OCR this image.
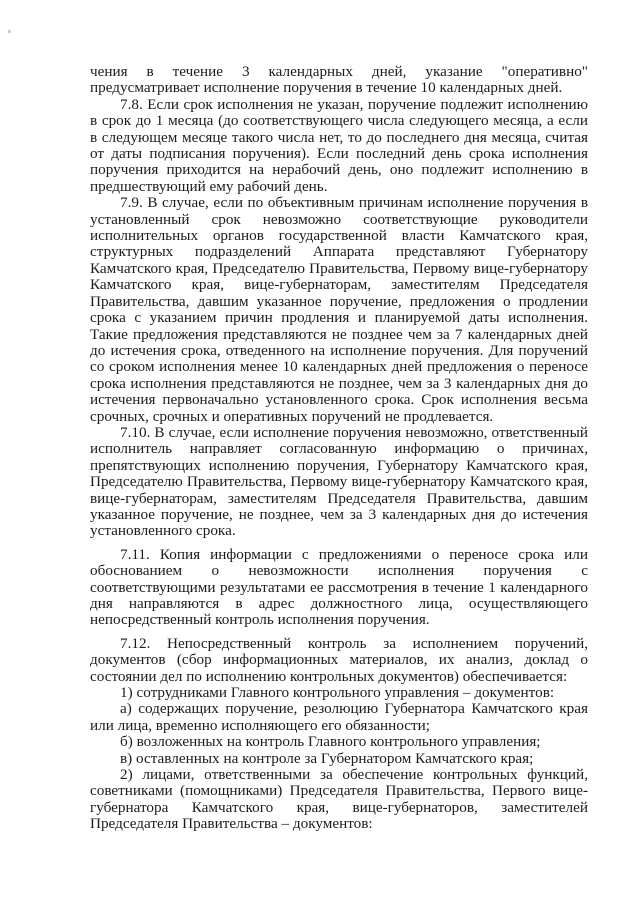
чения в течение 3 календарных дней, указание "оперативно" предусматривает исполнение поручения в течение 10 календарных дней.

7.8. Если срок исполнения не указан, поручение подлежит исполнению в срок до 1 месяца (до соответствующего числа следующего месяца, а если в следующем месяце такого числа нет, то до последнего дня месяца, считая от даты подписания поручения). Если последний день срока исполнения поручения приходится на нерабочий день, оно подлежит исполнению в предшествующий ему рабочий день.

7.9. В случае, если по объективным причинам исполнение поручения в установленный срок невозможно соответствующие руководители исполнительных органов государственной власти Камчатского края, структурных подразделений Аппарата представляют Губернатору Камчатского края, Председателю Правительства, Первому вице-губернатору Камчатского края, вице-губернаторам, заместителям Председателя Правительства, давшим указанное поручение, предложения о продлении срока с указанием причин продления и планируемой даты исполнения. Такие предложения представляются не позднее чем за 7 календарных дней до истечения срока, отведенного на исполнение поручения. Для поручений со сроком исполнения менее 10 календарных дней предложения о переносе срока исполнения представляются не позднее, чем за 3 календарных дня до истечения первоначально установленного срока. Срок исполнения весьма срочных, срочных и оперативных поручений не продлевается.

7.10. В случае, если исполнение поручения невозможно, ответственный исполнитель направляет согласованную информацию о причинах, препятствующих исполнению поручения, Губернатору Камчатского края, Председателю Правительства, Первому вице-губернатору Камчатского края, вице-губернаторам, заместителям Председателя Правительства, давшим указанное поручение, не позднее, чем за 3 календарных дня до истечения установленного срока.

7.11. Копия информации с предложениями о переносе срока или обоснованием о невозможности исполнения поручения с соответствующими результатами ее рассмотрения в течение 1 календарного дня направляются в адрес должностного лица, осуществляющего непосредственный контроль исполнения поручения.

7.12. Непосредственный контроль за исполнением поручений, документов (сбор информационных материалов, их анализ, доклад о состоянии дел по исполнению контрольных документов) обеспечивается:

1) сотрудниками Главного контрольного управления – документов:

а) содержащих поручение, резолюцию Губернатора Камчатского края или лица, временно исполняющего его обязанности;

б) возложенных на контроль Главного контрольного управления;

в) оставленных на контроле за Губернатором Камчатского края;

2) лицами, ответственными за обеспечение контрольных функций, советниками (помощниками) Председателя Правительства, Первого вице-губернатора Камчатского края, вице-губернаторов, заместителей Председателя Правительства – документов:
